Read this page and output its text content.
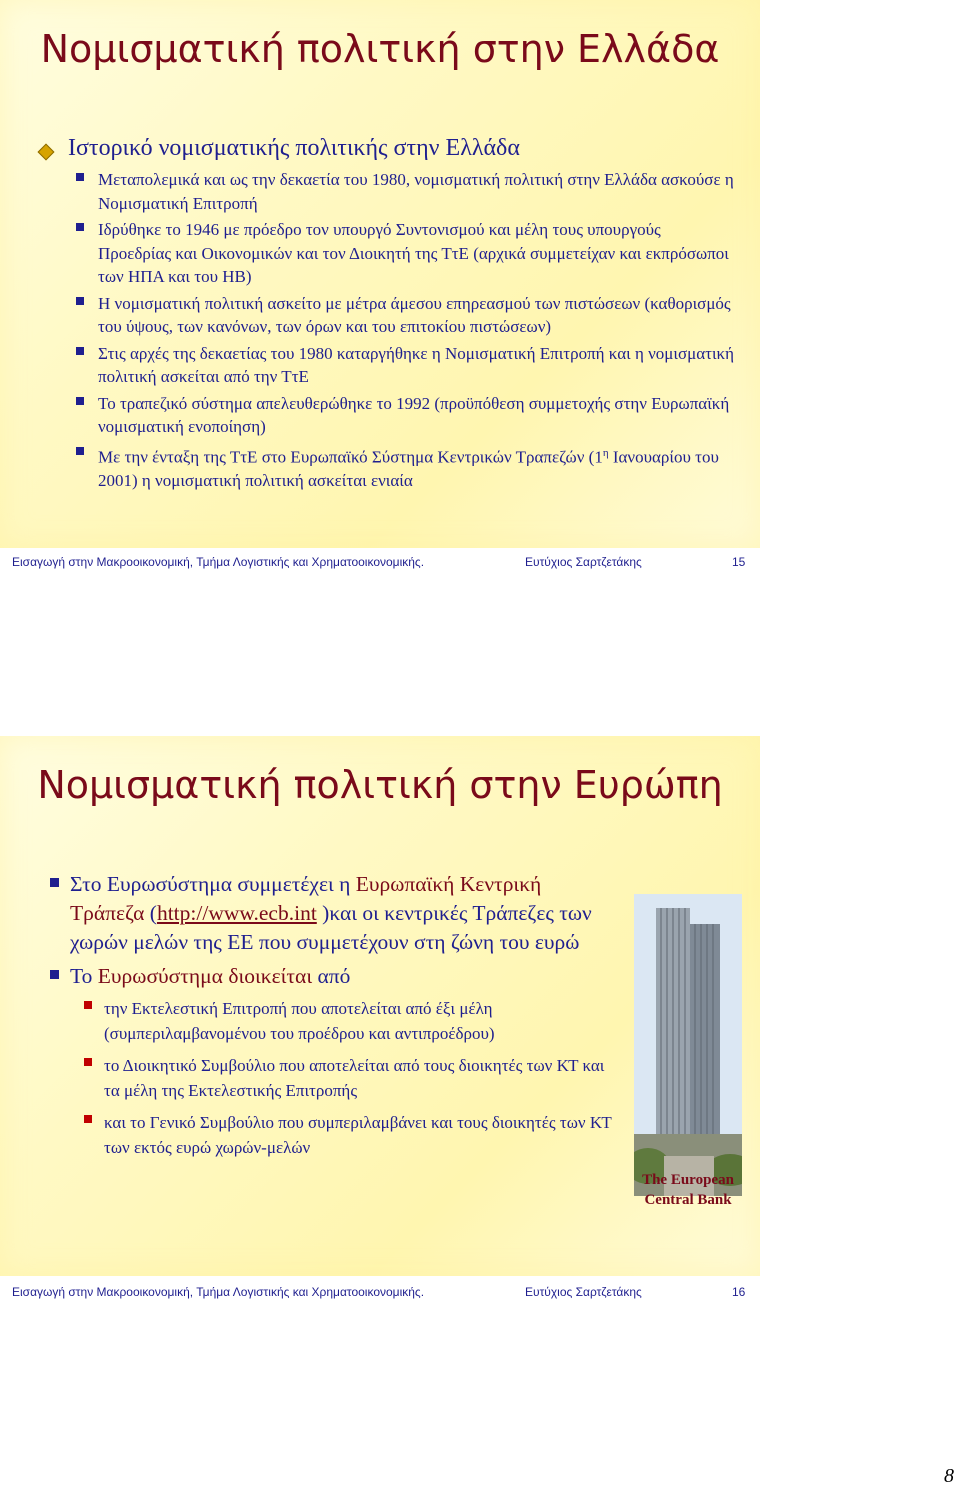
Νομισματική πολιτική στην Ελλάδα
Ιστορικό νομισματικής πολιτικής στην Ελλάδα
Μεταπολεμικά και ως την δεκαετία του 1980, νομισματική πολιτική στην Ελλάδα ασκούσε η Νομισματική Επιτροπή
Ιδρύθηκε το 1946 με πρόεδρο τον υπουργό Συντονισμού και μέλη τους υπουργούς Προεδρίας και Οικονομικών και τον Διοικητή της ΤτΕ (αρχικά συμμετείχαν και εκπρόσωποι των ΗΠΑ και του ΗΒ)
Η νομισματική πολιτική ασκείτο με μέτρα άμεσου επηρεασμού των πιστώσεων (καθορισμός του ύψους, των κανόνων, των όρων και του επιτοκίου πιστώσεων)
Στις αρχές της δεκαετίας του 1980 καταργήθηκε η Νομισματική Επιτροπή και η νομισματική πολιτική ασκείται από την ΤτΕ
Το τραπεζικό σύστημα απελευθερώθηκε το 1992 (προϋπόθεση συμμετοχής στην Ευρωπαϊκή νομισματική ενοποίηση)
Με την ένταξη της ΤτΕ στο Ευρωπαϊκό Σύστημα Κεντρικών Τραπεζών ($1^\eta$ Ιανουαρίου του 2001) η νομισματική πολιτική ασκείται ενιαία
Εισαγωγή στην Μακροοικονομική, Τμήμα Λογιστικής και Χρηματοοικονομικής.	Ευτύχιος Σαρτζετάκης	15
Νομισματική πολιτική στην Ευρώπη
Στο Ευρωσύστημα συμμετέχει η Ευρωπαϊκή Κεντρική Τράπεζα (http://www.ecb.int )και οι κεντρικές Τράπεζες των χωρών μελών της ΕΕ που συμμετέχουν στη ζώνη του ευρώ
Το Ευρωσύστημα διοικείται από
την Εκτελεστική Επιτροπή που αποτελείται από έξι μέλη (συμπεριλαμβανομένου του προέδρου και αντιπροέδρου)
το Διοικητικό Συμβούλιο που αποτελείται από τους διοικητές των ΚΤ και τα μέλη της Εκτελεστικής Επιτροπής
και το Γενικό Συμβούλιο που συμπεριλαμβάνει και τους διοικητές των ΚΤ των εκτός ευρώ χωρών-μελών
The European Central Bank
Εισαγωγή στην Μακροοικονομική, Τμήμα Λογιστικής και Χρηματοοικονομικής.	Ευτύχιος Σαρτζετάκης	16
8
